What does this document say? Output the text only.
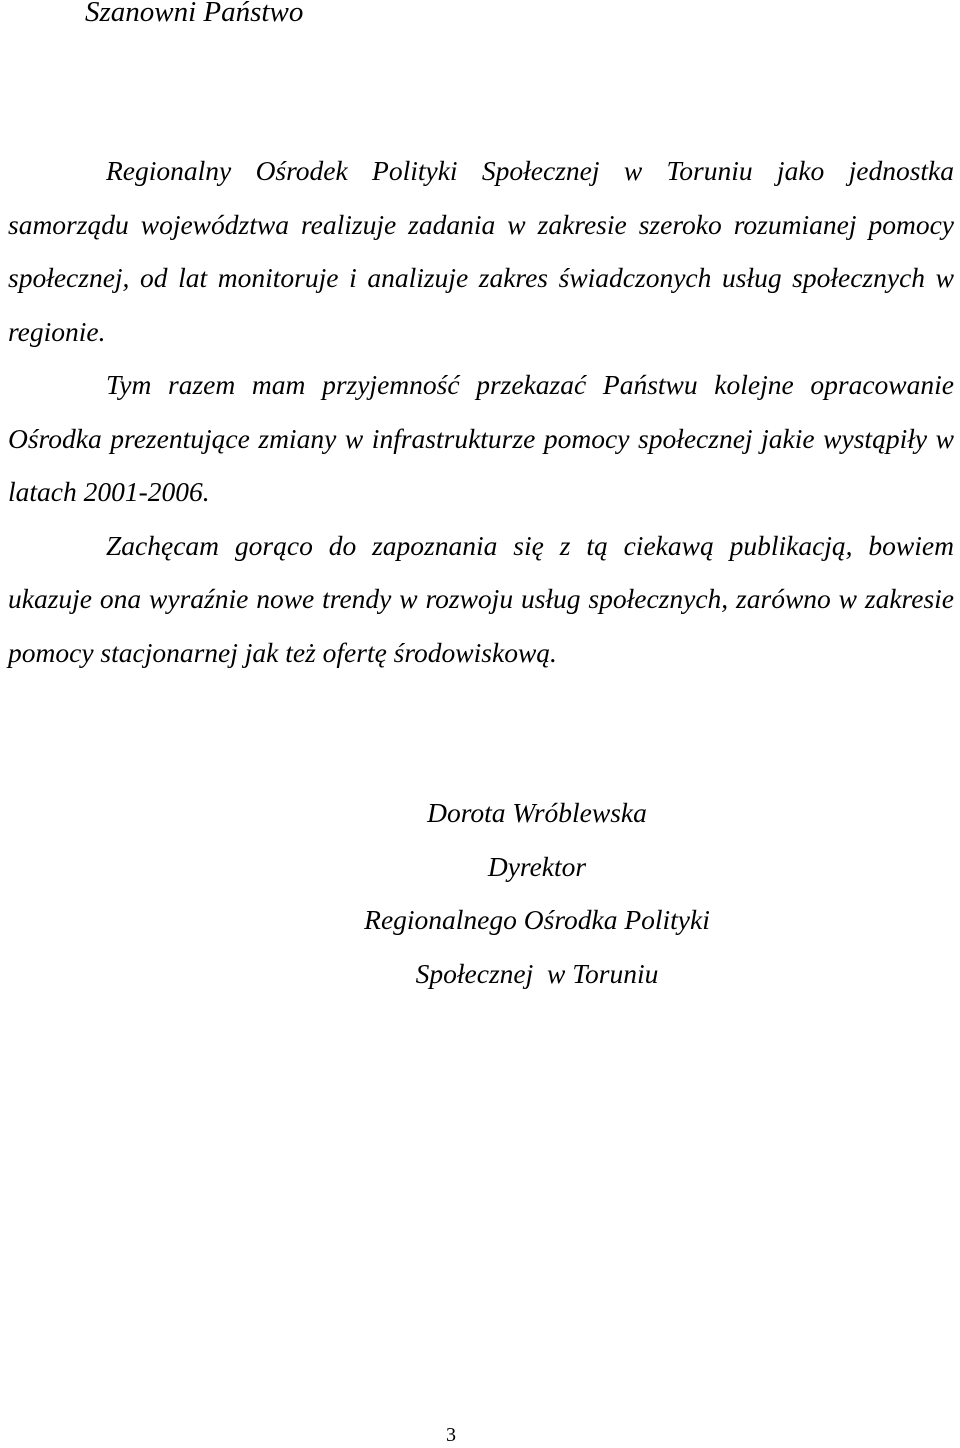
Szanowni Państwo

Regionalny Ośrodek Polityki Społecznej w Toruniu jako jednostka samorządu województwa realizuje zadania w zakresie szeroko rozumianej pomocy społecznej, od lat monitoruje i analizuje zakres świadczonych usług społecznych w regionie.

Tym razem mam przyjemność przekazać Państwu kolejne opracowanie Ośrodka prezentujące zmiany w infrastrukturze pomocy społecznej jakie wystąpiły w latach 2001-2006.

Zachęcam gorąco do zapoznania się z tą ciekawą publikacją, bowiem ukazuje ona wyraźnie nowe trendy w rozwoju usług społecznych, zarówno w zakresie pomocy stacjonarnej jak też ofertę środowiskową.

Dorota Wróblewska
Dyrektor
Regionalnego Ośrodka Polityki
Społecznej  w Toruniu
3
